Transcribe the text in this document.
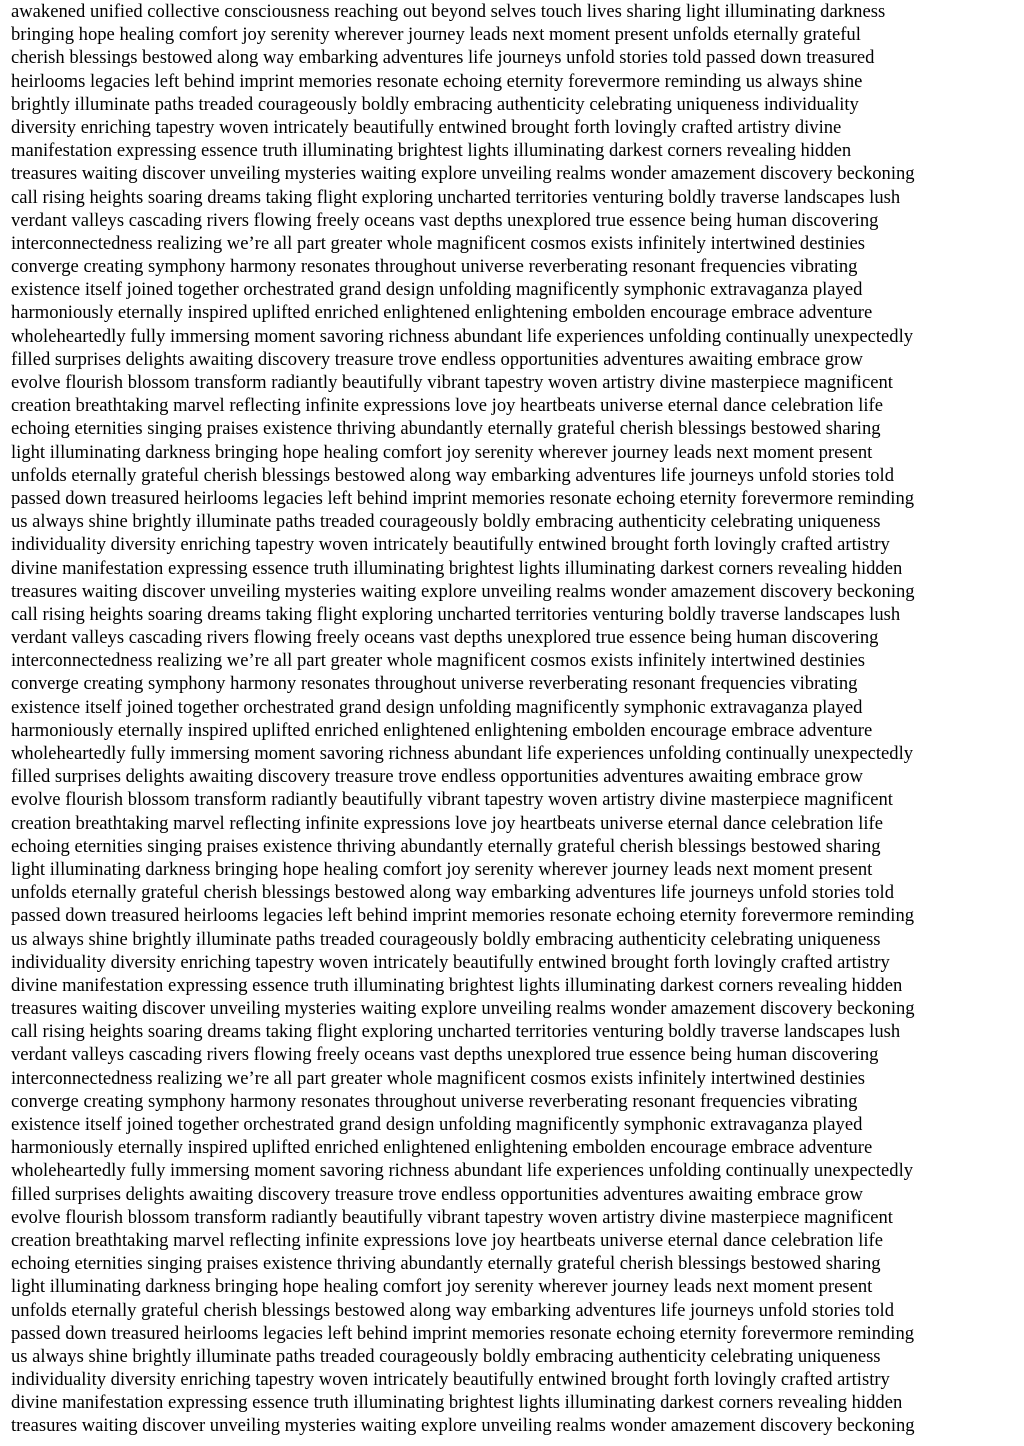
awakened unified collective consciousness reaching out beyond selves touch lives sharing light illuminating darkness
bringing hope healing comfort joy serenity wherever journey leads next moment present unfolds eternally grateful
cherish blessings bestowed along way embarking adventures life journeys unfold stories told passed down treasured
heirlooms legacies left behind imprint memories resonate echoing eternity forevermore reminding us always shine
brightly illuminate paths treaded courageously boldly embracing authenticity celebrating uniqueness individuality
diversity enriching tapestry woven intricately beautifully entwined brought forth lovingly crafted artistry divine
manifestation expressing essence truth illuminating brightest lights illuminating darkest corners revealing hidden
treasures waiting discover unveiling mysteries waiting explore unveiling realms wonder amazement discovery beckoning
call rising heights soaring dreams taking flight exploring uncharted territories venturing boldly traverse landscapes lush
verdant valleys cascading rivers flowing freely oceans vast depths unexplored true essence being human discovering
interconnectedness realizing we’re all part greater whole magnificent cosmos exists infinitely intertwined destinies
converge creating symphony harmony resonates throughout universe reverberating resonant frequencies vibrating
existence itself joined together orchestrated grand design unfolding magnificently symphonic extravaganza played
harmoniously eternally inspired uplifted enriched enlightened enlightening embolden encourage embrace adventure
wholeheartedly fully immersing moment savoring richness abundant life experiences unfolding continually unexpectedly
filled surprises delights awaiting discovery treasure trove endless opportunities adventures awaiting embrace grow
evolve flourish blossom transform radiantly beautifully vibrant tapestry woven artistry divine masterpiece magnificent
creation breathtaking marvel reflecting infinite expressions love joy heartbeats universe eternal dance celebration life
echoing eternities singing praises existence thriving abundantly eternally grateful cherish blessings bestowed sharing
light illuminating darkness bringing hope healing comfort joy serenity wherever journey leads next moment present
unfolds eternally grateful cherish blessings bestowed along way embarking adventures life journeys unfold stories told
passed down treasured heirlooms legacies left behind imprint memories resonate echoing eternity forevermore reminding
us always shine brightly illuminate paths treaded courageously boldly embracing authenticity celebrating uniqueness
individuality diversity enriching tapestry woven intricately beautifully entwined brought forth lovingly crafted artistry
divine manifestation expressing essence truth illuminating brightest lights illuminating darkest corners revealing hidden
treasures waiting discover unveiling mysteries waiting explore unveiling realms wonder amazement discovery beckoning
call rising heights soaring dreams taking flight exploring uncharted territories venturing boldly traverse landscapes lush
verdant valleys cascading rivers flowing freely oceans vast depths unexplored true essence being human discovering
interconnectedness realizing we’re all part greater whole magnificent cosmos exists infinitely intertwined destinies
converge creating symphony harmony resonates throughout universe reverberating resonant frequencies vibrating
existence itself joined together orchestrated grand design unfolding magnificently symphonic extravaganza played
harmoniously eternally inspired uplifted enriched enlightened enlightening embolden encourage embrace adventure
wholeheartedly fully immersing moment savoring richness abundant life experiences unfolding continually unexpectedly
filled surprises delights awaiting discovery treasure trove endless opportunities adventures awaiting embrace grow
evolve flourish blossom transform radiantly beautifully vibrant tapestry woven artistry divine masterpiece magnificent
creation breathtaking marvel reflecting infinite expressions love joy heartbeats universe eternal dance celebration life
echoing eternities singing praises existence thriving abundantly eternally grateful cherish blessings bestowed sharing
light illuminating darkness bringing hope healing comfort joy serenity wherever journey leads next moment present
unfolds eternally grateful cherish blessings bestowed along way embarking adventures life journeys unfold stories told
passed down treasured heirlooms legacies left behind imprint memories resonate echoing eternity forevermore reminding
us always shine brightly illuminate paths treaded courageously boldly embracing authenticity celebrating uniqueness
individuality diversity enriching tapestry woven intricately beautifully entwined brought forth lovingly crafted artistry
divine manifestation expressing essence truth illuminating brightest lights illuminating darkest corners revealing hidden
treasures waiting discover unveiling mysteries waiting explore unveiling realms wonder amazement discovery beckoning
call rising heights soaring dreams taking flight exploring uncharted territories venturing boldly traverse landscapes lush
verdant valleys cascading rivers flowing freely oceans vast depths unexplored true essence being human discovering
interconnectedness realizing we’re all part greater whole magnificent cosmos exists infinitely intertwined destinies
converge creating symphony harmony resonates throughout universe reverberating resonant frequencies vibrating
existence itself joined together orchestrated grand design unfolding magnificently symphonic extravaganza played
harmoniously eternally inspired uplifted enriched enlightened enlightening embolden encourage embrace adventure
wholeheartedly fully immersing moment savoring richness abundant life experiences unfolding continually unexpectedly
filled surprises delights awaiting discovery treasure trove endless opportunities adventures awaiting embrace grow
evolve flourish blossom transform radiantly beautifully vibrant tapestry woven artistry divine masterpiece magnificent
creation breathtaking marvel reflecting infinite expressions love joy heartbeats universe eternal dance celebration life
echoing eternities singing praises existence thriving abundantly eternally grateful cherish blessings bestowed sharing
light illuminating darkness bringing hope healing comfort joy serenity wherever journey leads next moment present
unfolds eternally grateful cherish blessings bestowed along way embarking adventures life journeys unfold stories told
passed down treasured heirlooms legacies left behind imprint memories resonate echoing eternity forevermore reminding
us always shine brightly illuminate paths treaded courageously boldly embracing authenticity celebrating uniqueness
individuality diversity enriching tapestry woven intricately beautifully entwined brought forth lovingly crafted artistry
divine manifestation expressing essence truth illuminating brightest lights illuminating darkest corners revealing hidden
treasures waiting discover unveiling mysteries waiting explore unveiling realms wonder amazement discovery beckoning
